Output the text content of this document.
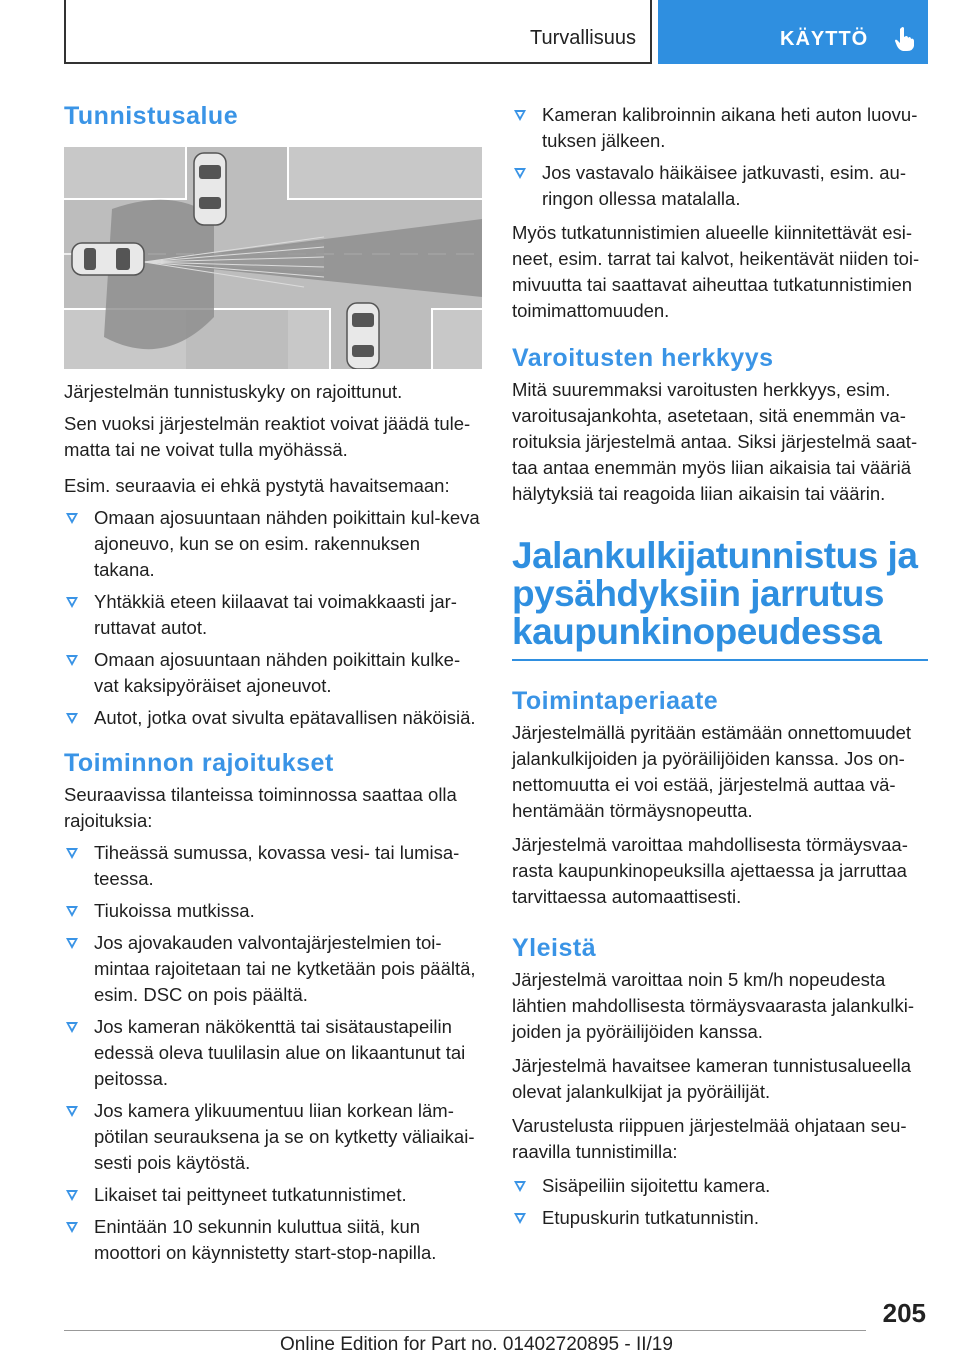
Turvallisuus	KÄYTTÖ
Tunnistusalue

Järjestelmän tunnistuskyky on rajoittunut.

Sen vuoksi järjestelmän reaktiot voivat jäädä tule-matta tai ne voivat tulla myöhässä.

Esim. seuraavia ei ehkä pystytä havaitsemaan:

Omaan ajosuuntaan nähden poikittain kul-keva ajoneuvo, kun se on esim. rakennuksen takana.
Yhtäkkiä eteen kiilaavat tai voimakkaasti jar-ruttavat autot.
Omaan ajosuuntaan nähden poikittain kulke-vat kaksipyöräiset ajoneuvot.
Autot, jotka ovat sivulta epätavallisen näköisiä.
Toiminnon rajoitukset

Seuraavissa tilanteissa toiminnossa saattaa olla rajoituksia:

Tiheässä sumussa, kovassa vesi- tai lumisa-teessa.
Tiukoissa mutkissa.
Jos ajovakauden valvontajärjestelmien toi-mintaa rajoitetaan tai ne kytketään pois päältä, esim. DSC on pois päältä.
Jos kameran näkökenttä tai sisätaustapeilin edessä oleva tuulilasin alue on likaantunut tai peitossa.
Jos kamera ylikuumentuu liian korkean läm-pötilan seurauksena ja se on kytketty väliaikai-sesti pois käytöstä.
Likaiset tai peittyneet tutkatunnistimet.
Enintään 10 sekunnin kuluttua siitä, kun moottori on käynnistetty start-stop-napilla.
Kameran kalibroinnin aikana heti auton luovu-tuksen jälkeen.
Jos vastavalo häikäisee jatkuvasti, esim. au-ringon ollessa matalalla.

Myös tutkatunnistimien alueelle kiinnitettävät esi-neet, esim. tarrat tai kalvot, heikentävät niiden toi-mivuutta tai saattavat aiheuttaa tutkatunnistimien toimimattomuuden.

Varoitusten herkkyys

Mitä suuremmaksi varoitusten herkkyys, esim. varoitusajankohta, asetetaan, sitä enemmän va-roituksia järjestelmä antaa. Siksi järjestelmä saat-taa antaa enemmän myös liian aikaisia tai vääriä hälytyksiä tai reagoida liian aikaisin tai väärin.

Jalankulkijatunnistus ja
pysähdyksiin jarrutus
kaupunkinopeudessa
Toimintaperiaate

Järjestelmällä pyritään estämään onnettomuudet jalankulkijoiden ja pyöräilijöiden kanssa. Jos on-nettomuutta ei voi estää, järjestelmä auttaa vä-hentämään törmäysnopeutta.

Järjestelmä varoittaa mahdollisesta törmäysvaa-rasta kaupunkinopeuksilla ajettaessa ja jarruttaa tarvittaessa automaattisesti.

Yleistä

Järjestelmä varoittaa noin 5 km/h nopeudesta lähtien mahdollisesta törmäysvaarasta jalankulki-joiden ja pyöräilijöiden kanssa.

Järjestelmä havaitsee kameran tunnistusalueella olevat jalankulkijat ja pyöräilijät.

Varustelusta riippuen järjestelmää ohjataan seu-raavilla tunnistimilla:

Sisäpeiliin sijoitettu kamera.
Etupuskurin tutkatunnistin.
205
Online Edition for Part no. 01402720895 - II/19
